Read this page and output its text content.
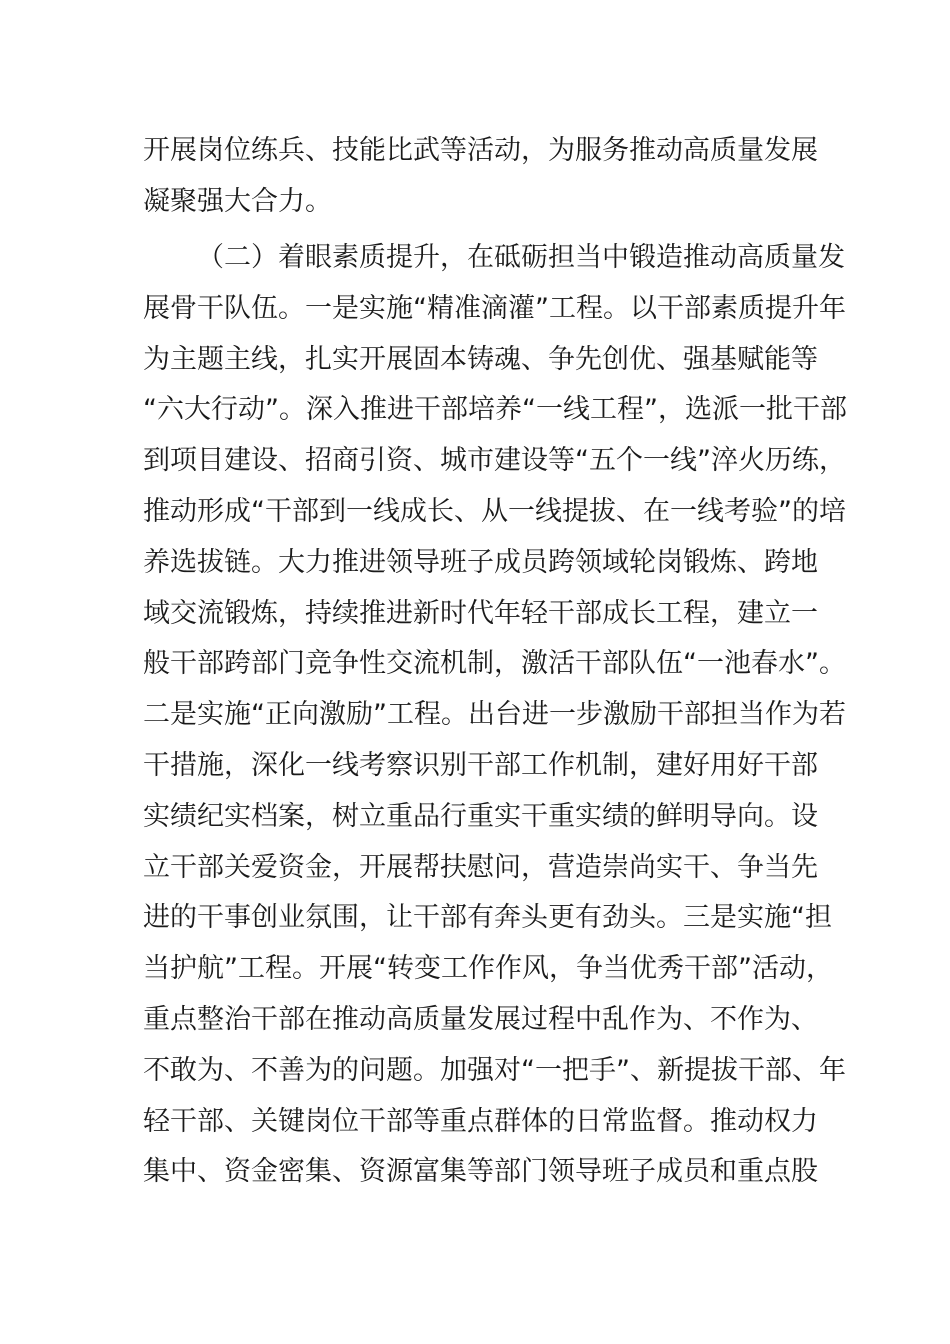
开展岗位练兵、技能比武等活动，为服务推动高质量发展
凝聚强大合力。
（二）着眼素质提升，在砥砺担当中锻造推动高质量发
展骨干队伍。一是实施“精准滴灌”工程。以干部素质提升年
为主题主线，扎实开展固本铸魂、争先创优、强基赋能等
“六大行动”。深入推进干部培养“一线工程”，选派一批干部
到项目建设、招商引资、城市建设等“五个一线”淬火历练，
推动形成“干部到一线成长、从一线提拔、在一线考验”的培
养选拔链。大力推进领导班子成员跨领域轮岗锻炼、跨地
域交流锻炼，持续推进新时代年轻干部成长工程，建立一
般干部跨部门竞争性交流机制，激活干部队伍“一池春水”。
二是实施“正向激励”工程。出台进一步激励干部担当作为若
干措施，深化一线考察识别干部工作机制，建好用好干部
实绩纪实档案，树立重品行重实干重实绩的鲜明导向。设
立干部关爱资金，开展帮扶慰问，营造崇尚实干、争当先
进的干事创业氛围，让干部有奔头更有劲头。三是实施“担
当护航”工程。开展“转变工作作风，争当优秀干部”活动，
重点整治干部在推动高质量发展过程中乱作为、不作为、
不敢为、不善为的问题。加强对“一把手”、新提拔干部、年
轻干部、关键岗位干部等重点群体的日常监督。推动权力
集中、资金密集、资源富集等部门领导班子成员和重点股
